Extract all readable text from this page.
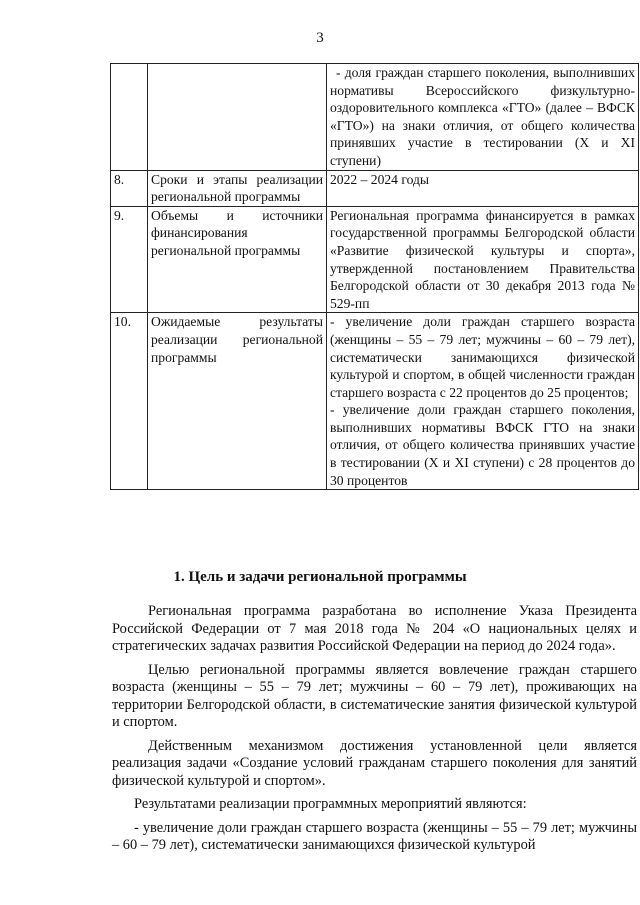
3

		- доля граждан старшего поколения, выполнивших нормативы Всероссийского физкультурно-оздоровительного комплекса «ГТО» (далее – ВФСК «ГТО») на знаки отличия, от общего количества принявших участие в тестировании (X и XI ступени)

8.	Сроки и этапы реализации региональной программы	2022 – 2024 годы

9.	Объемы и источники финансирования региональной программы	Региональная программа финансируется в рамках государственной программы Белгородской области «Развитие физической культуры и спорта», утвержденной постановлением Правительства Белгородской области от 30 декабря 2013 года № 529-пп

10.	Ожидаемые результаты реализации региональной программы	- увеличение доли граждан старшего возраста (женщины – 55 – 79 лет; мужчины – 60 – 79 лет), систематически занимающихся физической культурой и спортом, в общей численности граждан старшего возраста с 22 процентов до 25 процентов;

- увеличение доли граждан старшего поколения, выполнивших нормативы ВФСК ГТО на знаки отличия, от общего количества принявших участие в тестировании (X и XI ступени) с 28 процентов до 30 процентов

1. Цель и задачи региональной программы

Региональная программа разработана во исполнение Указа Президента Российской Федерации от 7 мая 2018 года № 204 «О национальных целях и стратегических задачах развития Российской Федерации на период до 2024 года».

Целью региональной программы является вовлечение граждан старшего возраста (женщины – 55 – 79 лет; мужчины – 60 – 79 лет), проживающих на территории Белгородской области, в систематические занятия физической культурой и спортом.

Действенным механизмом достижения установленной цели является реализация задачи «Создание условий гражданам старшего поколения для занятий физической культурой и спортом».

Результатами реализации программных мероприятий являются:

- увеличение доли граждан старшего возраста (женщины – 55 – 79 лет; мужчины – 60 – 79 лет), систематически занимающихся физической культурой
